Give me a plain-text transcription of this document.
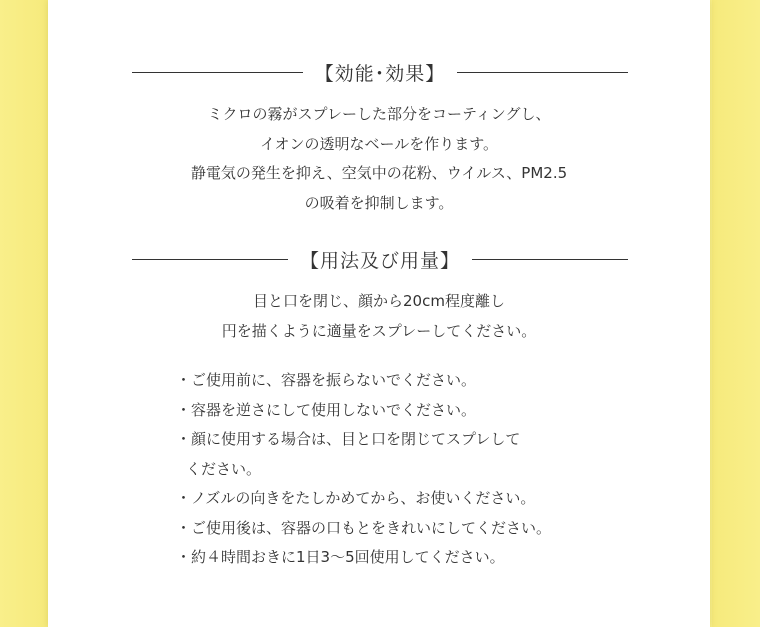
【効能･効果】
ミクロの霧がスプレーした部分をコーティングし、
イオンの透明なベールを作ります。
静電気の発生を抑え、空気中の花粉、ウイルス、PM2.5
の吸着を抑制します。
【用法及び用量】
目と口を閉じ、顔から20cm程度離し
円を描くように適量をスプレーしてください。
・ご使用前に、容器を振らないでください。
・容器を逆さにして使用しないでください。
・顔に使用する場合は、目と口を閉じてスプレして
ください。
・ノズルの向きをたしかめてから、お使いください。
・ご使用後は、容器の口もとをきれいにしてください。
・約４時間おきに1日3～5回使用してください。
